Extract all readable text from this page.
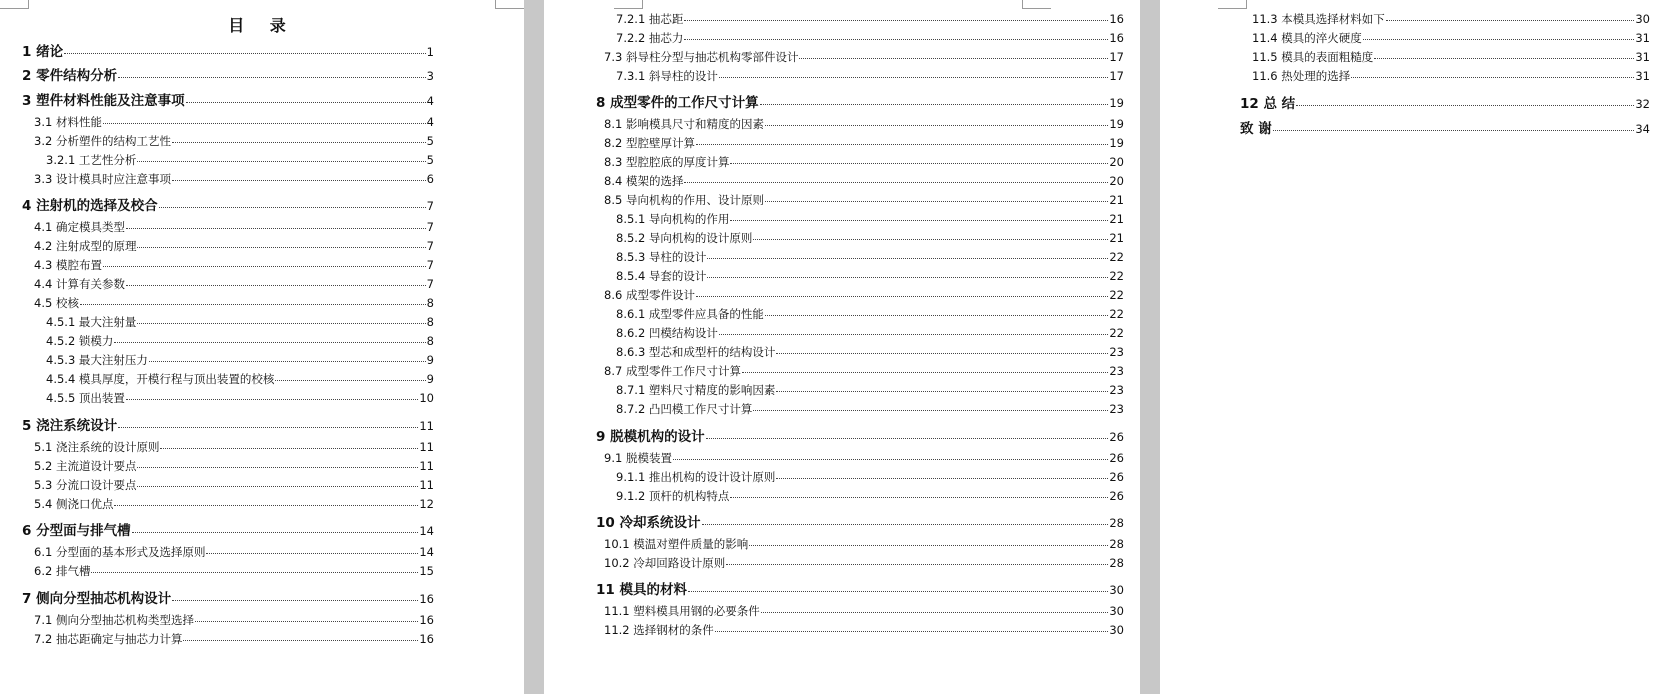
目 录
1 绪论	1
2 零件结构分析	3
3 塑件材料性能及注意事项	4
3.1 材料性能	4
3.2 分析塑件的结构工艺性	5
3.2.1 工艺性分析	5
3.3 设计模具时应注意事项	6
4 注射机的选择及校合	7
4.1 确定模具类型	7
4.2 注射成型的原理	7
4.3 模腔布置	7
4.4 计算有关参数	7
4.5 校核	8
4.5.1 最大注射量	8
4.5.2 锁模力	8
4.5.3 最大注射压力	9
4.5.4 模具厚度，开模行程与顶出装置的校核	9
4.5.5 顶出装置	10
5 浇注系统设计	11
5.1 浇注系统的设计原则	11
5.2 主流道设计要点	11
5.3 分流口设计要点	11
5.4 侧浇口优点	12
6 分型面与排气槽	14
6.1 分型面的基本形式及选择原则	14
6.2 排气槽	15
7 侧向分型抽芯机构设计	16
7.1 侧向分型抽芯机构类型选择	16
7.2 抽芯距确定与抽芯力计算	16
7.2.1 抽芯距	16
7.2.2 抽芯力	16
7.3 斜导柱分型与抽芯机构零部件设计	17
7.3.1 斜导柱的设计	17
8 成型零件的工作尺寸计算	19
8.1 影响模具尺寸和精度的因素	19
8.2 型腔壁厚计算	19
8.3 型腔腔底的厚度计算	20
8.4 模架的选择	20
8.5 导向机构的作用、设计原则	21
8.5.1 导向机构的作用	21
8.5.2 导向机构的设计原则	21
8.5.3 导柱的设计	22
8.5.4 导套的设计	22
8.6 成型零件设计	22
8.6.1 成型零件应具备的性能	22
8.6.2 凹模结构设计	22
8.6.3 型芯和成型杆的结构设计	23
8.7 成型零件工作尺寸计算	23
8.7.1 塑料尺寸精度的影响因素	23
8.7.2 凸凹模工作尺寸计算	23
9 脱模机构的设计	26
9.1 脱模装置	26
9.1.1 推出机构的设计设计原则	26
9.1.2 顶杆的机构特点	26
10 冷却系统设计	28
10.1 模温对塑件质量的影响	28
10.2 冷却回路设计原则	28
11 模具的材料	30
11.1 塑料模具用钢的必要条件	30
11.2 选择钢材的条件	30
11.3 本模具选择材料如下	30
11.4 模具的淬火硬度	31
11.5 模具的表面粗糙度	31
11.6 热处理的选择	31
12 总 结	32
致 谢	34
